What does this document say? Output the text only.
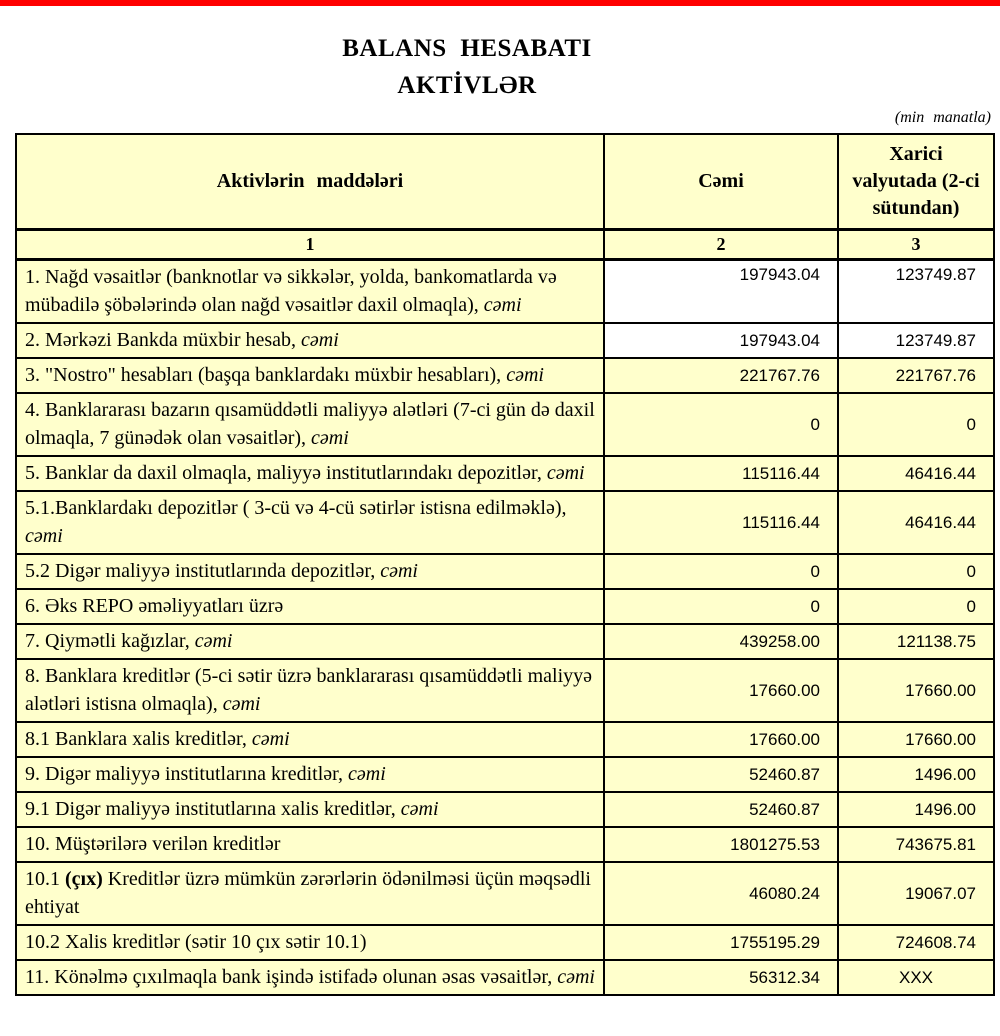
BALANS HESABATI
AKTİVLƏR
(min manatla)
Aktivlərin maddələri	Cəmi	Xarici valyutada (2-ci sütundan)
1	2	3
1. Nağd vəsaitlər (banknotlar və sikkələr, yolda, bankomatlarda və mübadilə şöbələrində olan nağd vəsaitlər daxil olmaqla), cəmi	197943.04	123749.87
2. Mərkəzi Bankda müxbir hesab, cəmi	197943.04	123749.87
3. "Nostro" hesabları (başqa banklardakı müxbir hesabları), cəmi	221767.76	221767.76
4. Banklararası bazarın qısamüddətli maliyyə alətləri (7-ci gün də daxil olmaqla, 7 günədək olan vəsaitlər), cəmi	0	0
5. Banklar da daxil olmaqla, maliyyə institutlarındakı depozitlər, cəmi	115116.44	46416.44
5.1.Banklardakı depozitlər ( 3-cü və 4-cü sətirlər istisna edilməklə), cəmi	115116.44	46416.44
5.2 Digər maliyyə institutlarında depozitlər, cəmi	0	0
6. Əks REPO əməliyyatları üzrə	0	0
7. Qiymətli kağızlar, cəmi	439258.00	121138.75
8. Banklara kreditlər (5-ci sətir üzrə banklararası qısamüddətli maliyyə alətləri istisna olmaqla), cəmi	17660.00	17660.00
8.1 Banklara xalis kreditlər, cəmi	17660.00	17660.00
9. Digər maliyyə institutlarına kreditlər, cəmi	52460.87	1496.00
9.1 Digər maliyyə institutlarına xalis kreditlər, cəmi	52460.87	1496.00
10. Müştərilərə verilən kreditlər	1801275.53	743675.81
10.1 (çıx) Kreditlər üzrə mümkün zərərlərin ödənilməsi üçün məqsədli ehtiyat	46080.24	19067.07
10.2 Xalis kreditlər (sətir 10 çıx sətir 10.1)	1755195.29	724608.74
11. Könəlmə çıxılmaqla bank işində istifadə olunan əsas vəsaitlər, cəmi	56312.34	XXX
